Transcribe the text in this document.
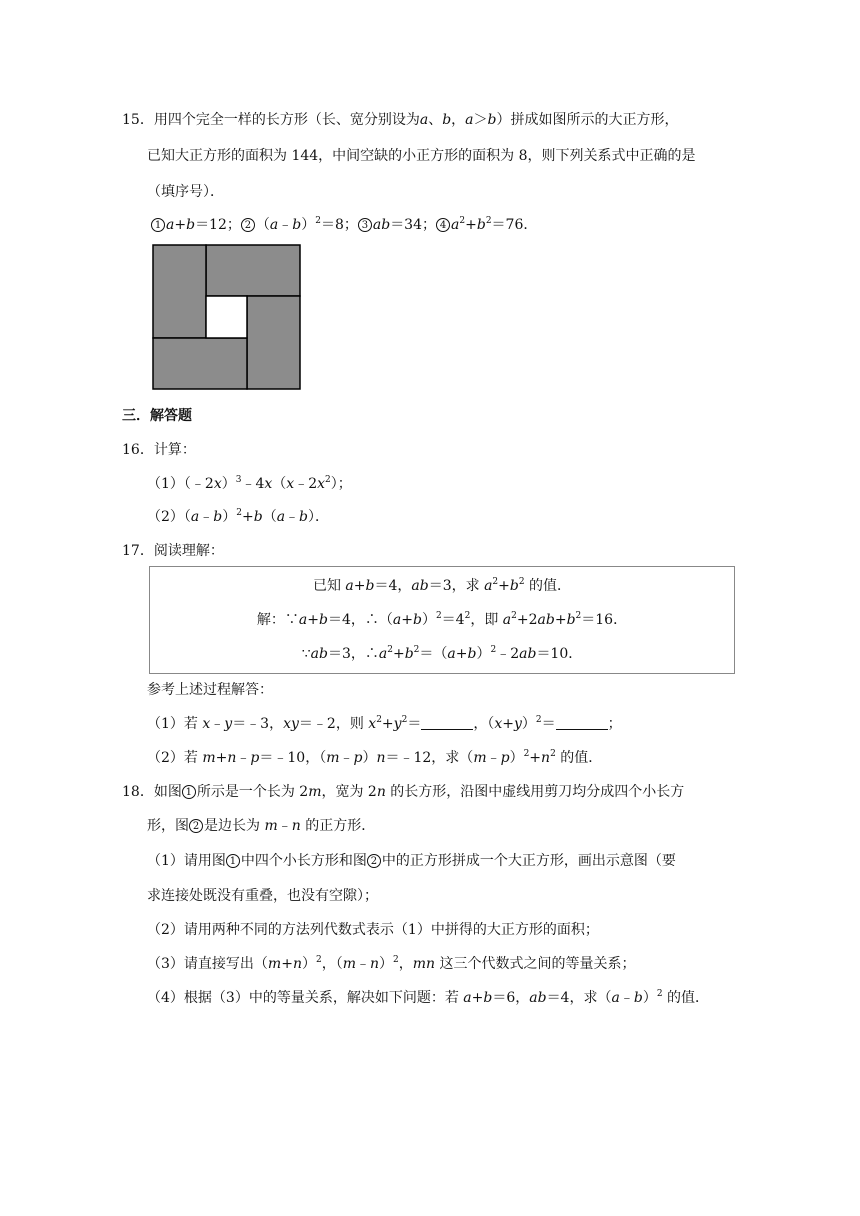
15．用四个完全一样的长方形（长、宽分别设为a、b，a＞b）拼成如图所示的大正方形，
已知大正方形的面积为 144，中间空缺的小正方形的面积为 8，则下列关系式中正确的是
（填序号）．
1 a+b＝12； 2 （a﹣b）$^2$＝8； 3 ab＝34； 4 $a^2+b^2=76$．
三．解答题
16．计算：
$(1)(﹣2x)^3﹣4x(x﹣2x^2)$；
（2）（a﹣b）$^2$+b（a﹣b）．
17．阅读理解：
已知 a+b＝4，ab＝3，求 $a^2+b^2$ 的值．
解：∵a+b＝4，$\therefore(a+b)^2=4^2$，即 $a^2+2ab+b^2=16$．
∵ab＝3，$\therefore a^2+b^2=(a+b)^2﹣2ab=10$．
参考上述过程解答：
（1）若 x﹣y＝﹣3，xy＝﹣2，则 $x^2+y^2=$	，$(x+y)^2=$	；
（2）若 m+n﹣p＝﹣10，（m﹣p）n＝﹣12，求$(m﹣p)^2+n^2$ 的值．
18．如图 1 所示是一个长为 2m，宽为 2n 的长方形，沿图中虚线用剪刀均分成四个小长方
形，图 2 是边长为 m﹣n 的正方形．
（1）请用图 1 中四个小长方形和图 2 中的正方形拼成一个大正方形，画出示意图（要
求连接处既没有重叠，也没有空隙）；
（2）请用两种不同的方法列代数式表示（1）中拼得的大正方形的面积；
（3）请直接写出$(m+n)^2$，（m﹣n）$^2$，mn 这三个代数式之间的等量关系；
（4）根据（3）中的等量关系，解决如下问题：若 a+b＝6，ab＝4，求（a﹣b）$^2$ 的值．
